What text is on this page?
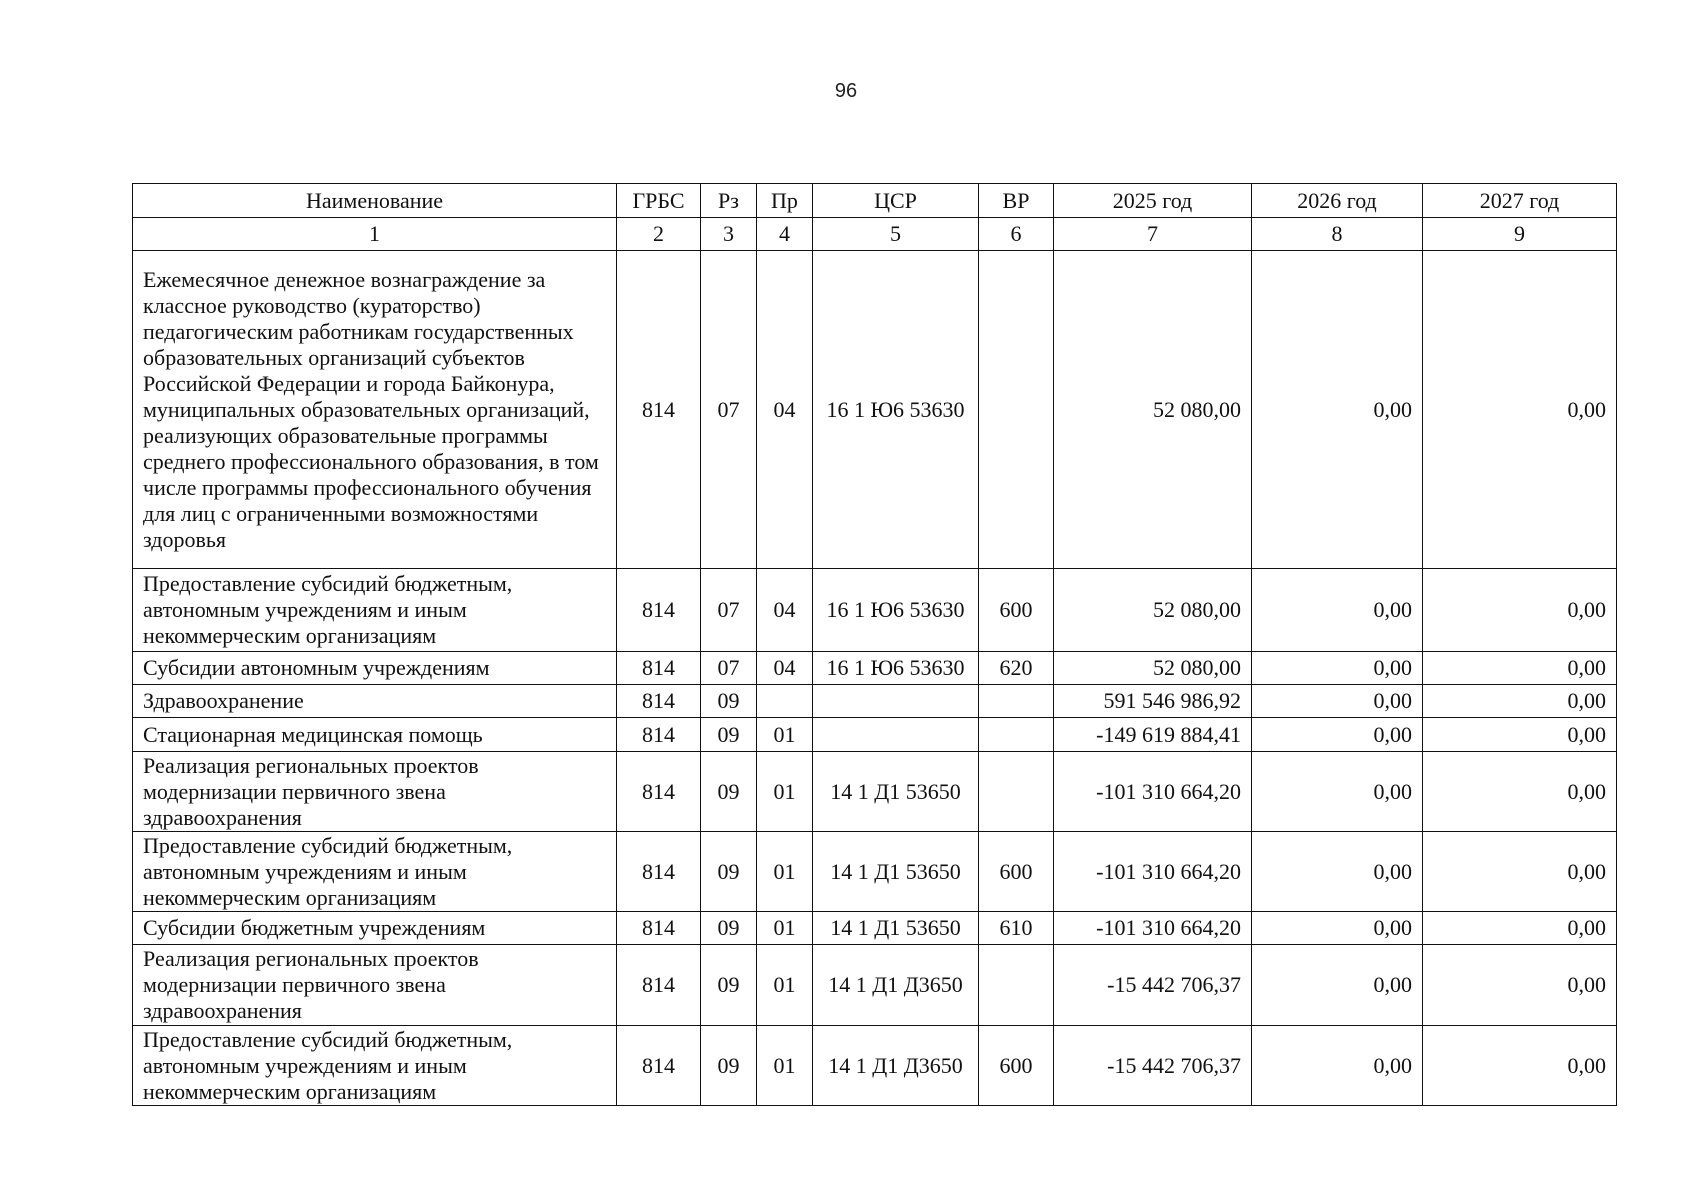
96
Наименование	ГРБС	Рз	Пр	ЦСР	ВР	2025 год	2026 год	2027 год
1	2	3	4	5	6	7	8	9
Ежемесячное денежное вознаграждение за классное руководство (кураторство) педагогическим работникам государственных образовательных организаций субъектов Российской Федерации и города Байконура, муниципальных образовательных организаций, реализующих образовательные программы среднего профессионального образования, в том числе программы профессионального обучения для лиц с ограниченными возможностями здоровья	814	07	04	16 1 Ю6 53630		52 080,00	0,00	0,00
Предоставление субсидий бюджетным, автономным учреждениям и иным некоммерческим организациям	814	07	04	16 1 Ю6 53630	600	52 080,00	0,00	0,00
Субсидии автономным учреждениям	814	07	04	16 1 Ю6 53630	620	52 080,00	0,00	0,00
Здравоохранение	814	09				591 546 986,92	0,00	0,00
Стационарная медицинская помощь	814	09	01			-149 619 884,41	0,00	0,00
Реализация региональных проектов модернизации первичного звена здравоохранения	814	09	01	14 1 Д1 53650		-101 310 664,20	0,00	0,00
Предоставление субсидий бюджетным, автономным учреждениям и иным некоммерческим организациям	814	09	01	14 1 Д1 53650	600	-101 310 664,20	0,00	0,00
Субсидии бюджетным учреждениям	814	09	01	14 1 Д1 53650	610	-101 310 664,20	0,00	0,00
Реализация региональных проектов модернизации первичного звена здравоохранения	814	09	01	14 1 Д1 Д3650		-15 442 706,37	0,00	0,00
Предоставление субсидий бюджетным, автономным учреждениям и иным некоммерческим организациям	814	09	01	14 1 Д1 Д3650	600	-15 442 706,37	0,00	0,00
